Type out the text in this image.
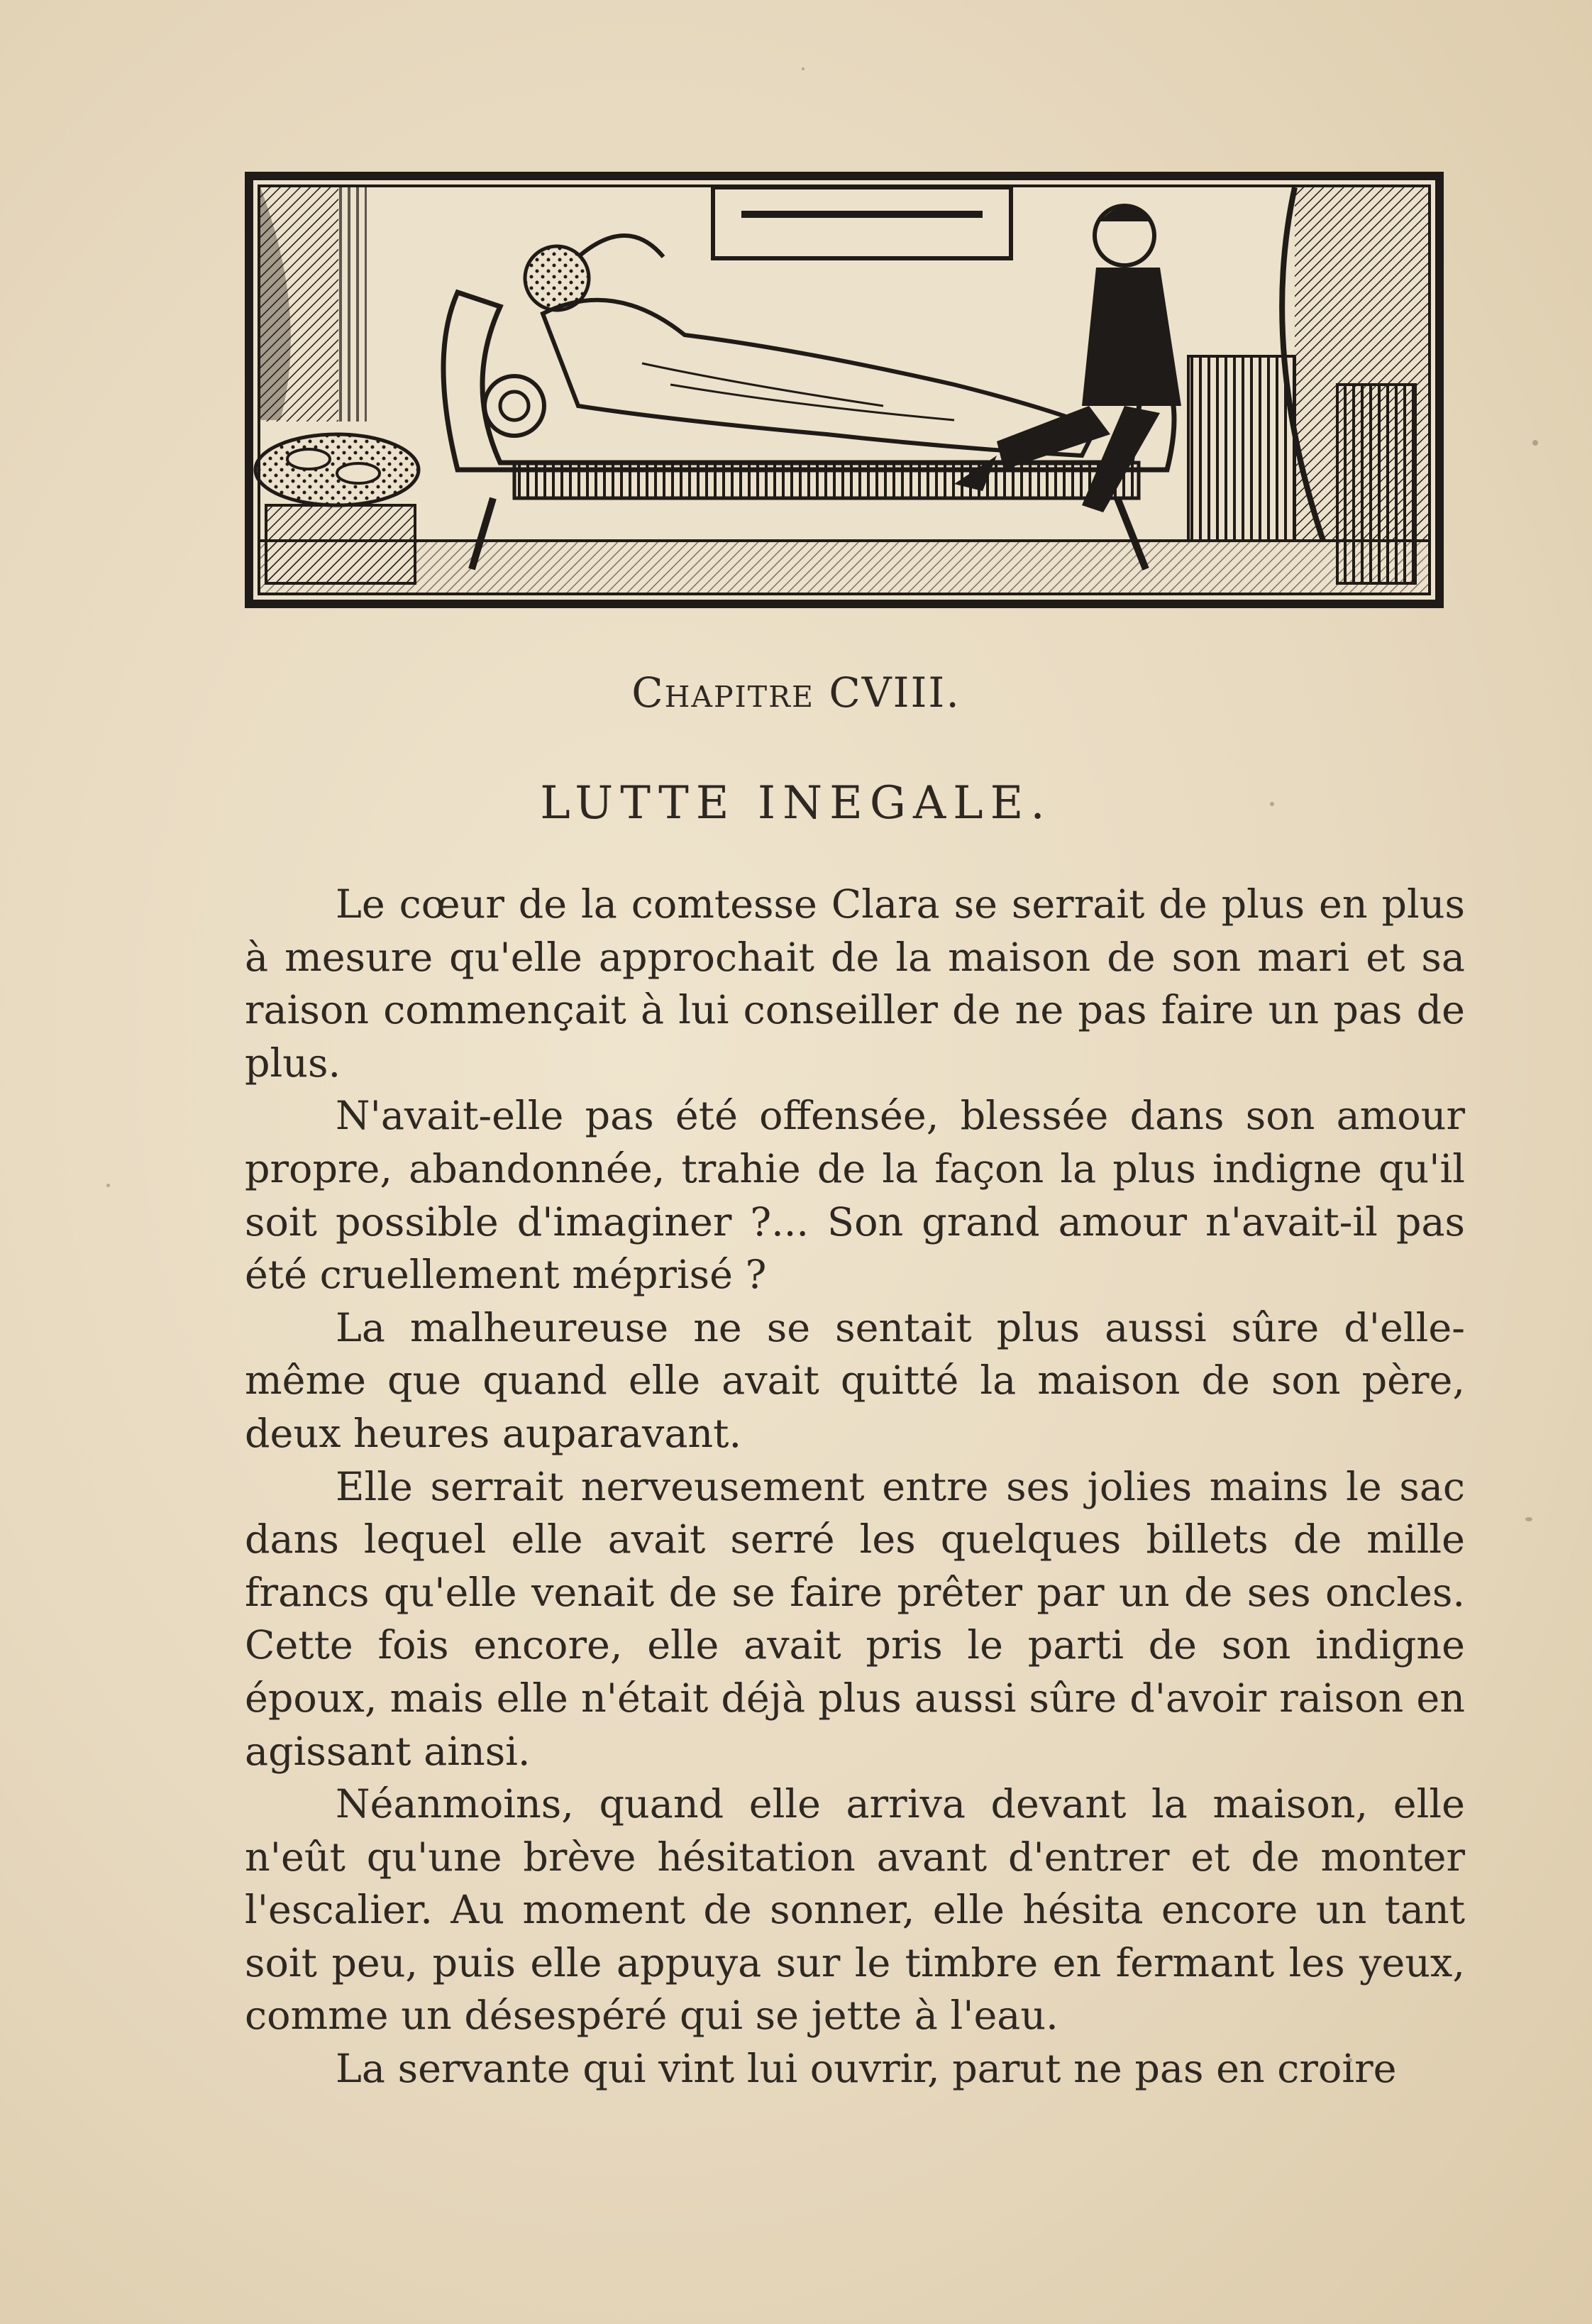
Chapitre CVIII.
LUTTE INEGALE.

Le cœur de la comtesse Clara se serrait de plus en plus à mesure qu'elle approchait de la maison de son mari et sa raison commençait à lui conseiller de ne pas faire un pas de plus.

N'avait-elle pas été offensée, blessée dans son amour propre, abandonnée, trahie de la façon la plus indigne qu'il soit possible d'imaginer ?... Son grand amour n'avait-il pas été cruellement méprisé ?

La malheureuse ne se sentait plus aussi sûre d'elle-même que quand elle avait quitté la maison de son père, deux heures auparavant.

Elle serrait nerveusement entre ses jolies mains le sac dans lequel elle avait serré les quelques billets de mille francs qu'elle venait de se faire prêter par un de ses oncles. Cette fois encore, elle avait pris le parti de son indigne époux, mais elle n'était déjà plus aussi sûre d'avoir raison en agissant ainsi.

Néanmoins, quand elle arriva devant la maison, elle n'eût qu'une brève hésitation avant d'entrer et de monter l'escalier. Au moment de sonner, elle hésita encore un tant soit peu, puis elle appuya sur le timbre en fermant les yeux, comme un désespéré qui se jette à l'eau.

La servante qui vint lui ouvrir, parut ne pas en croire
